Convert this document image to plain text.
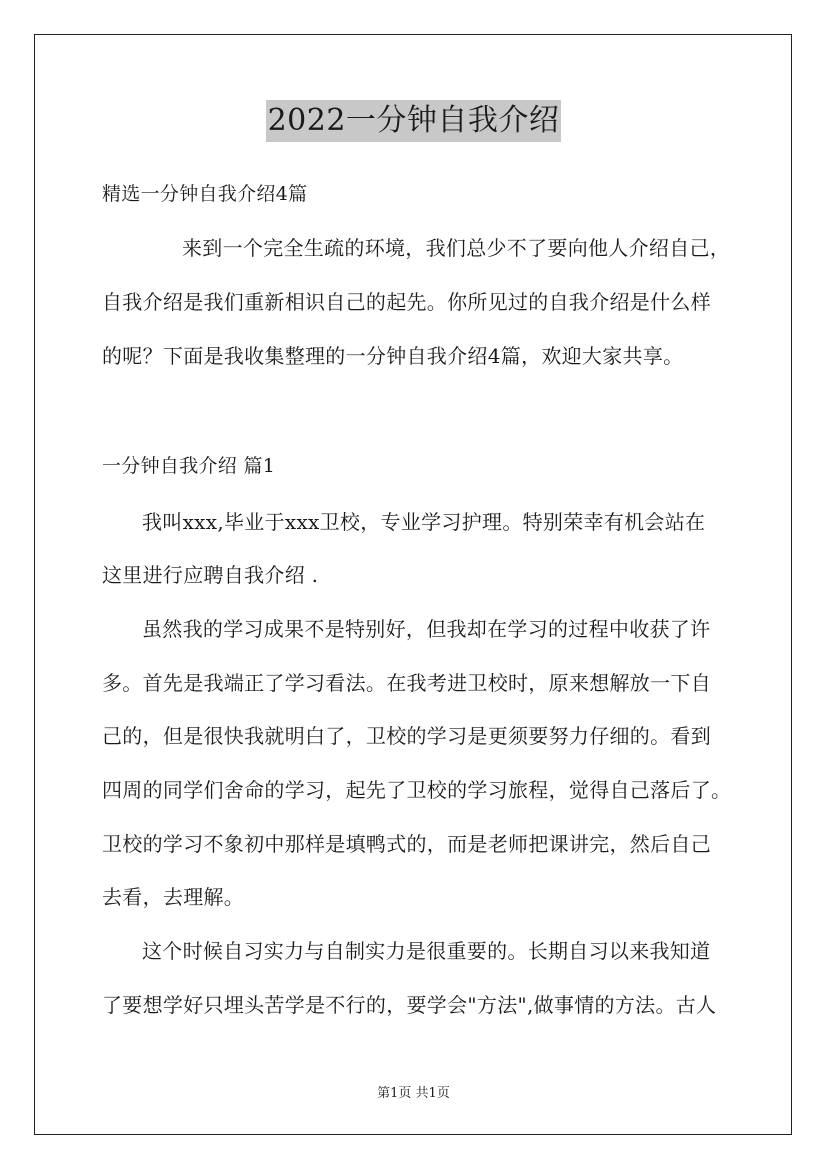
2022一分钟自我介绍
精选一分钟自我介绍4篇
来到一个完全生疏的环境，我们总少不了要向他人介绍自己，
自我介绍是我们重新相识自己的起先。你所见过的自我介绍是什么样
的呢？下面是我收集整理的一分钟自我介绍4篇，欢迎大家共享。
一分钟自我介绍 篇1
我叫xxx,毕业于xxx卫校，专业学习护理。特别荣幸有机会站在
这里进行应聘自我介绍 .
虽然我的学习成果不是特别好，但我却在学习的过程中收获了许
多。首先是我端正了学习看法。在我考进卫校时，原来想解放一下自
己的，但是很快我就明白了，卫校的学习是更须要努力仔细的。看到
四周的同学们舍命的学习，起先了卫校的学习旅程，觉得自己落后了。
卫校的学习不象初中那样是填鸭式的，而是老师把课讲完，然后自己
去看，去理解。
这个时候自习实力与自制实力是很重要的。长期自习以来我知道
了要想学好只埋头苦学是不行的，要学会"方法",做事情的方法。古人
第1页 共1页
